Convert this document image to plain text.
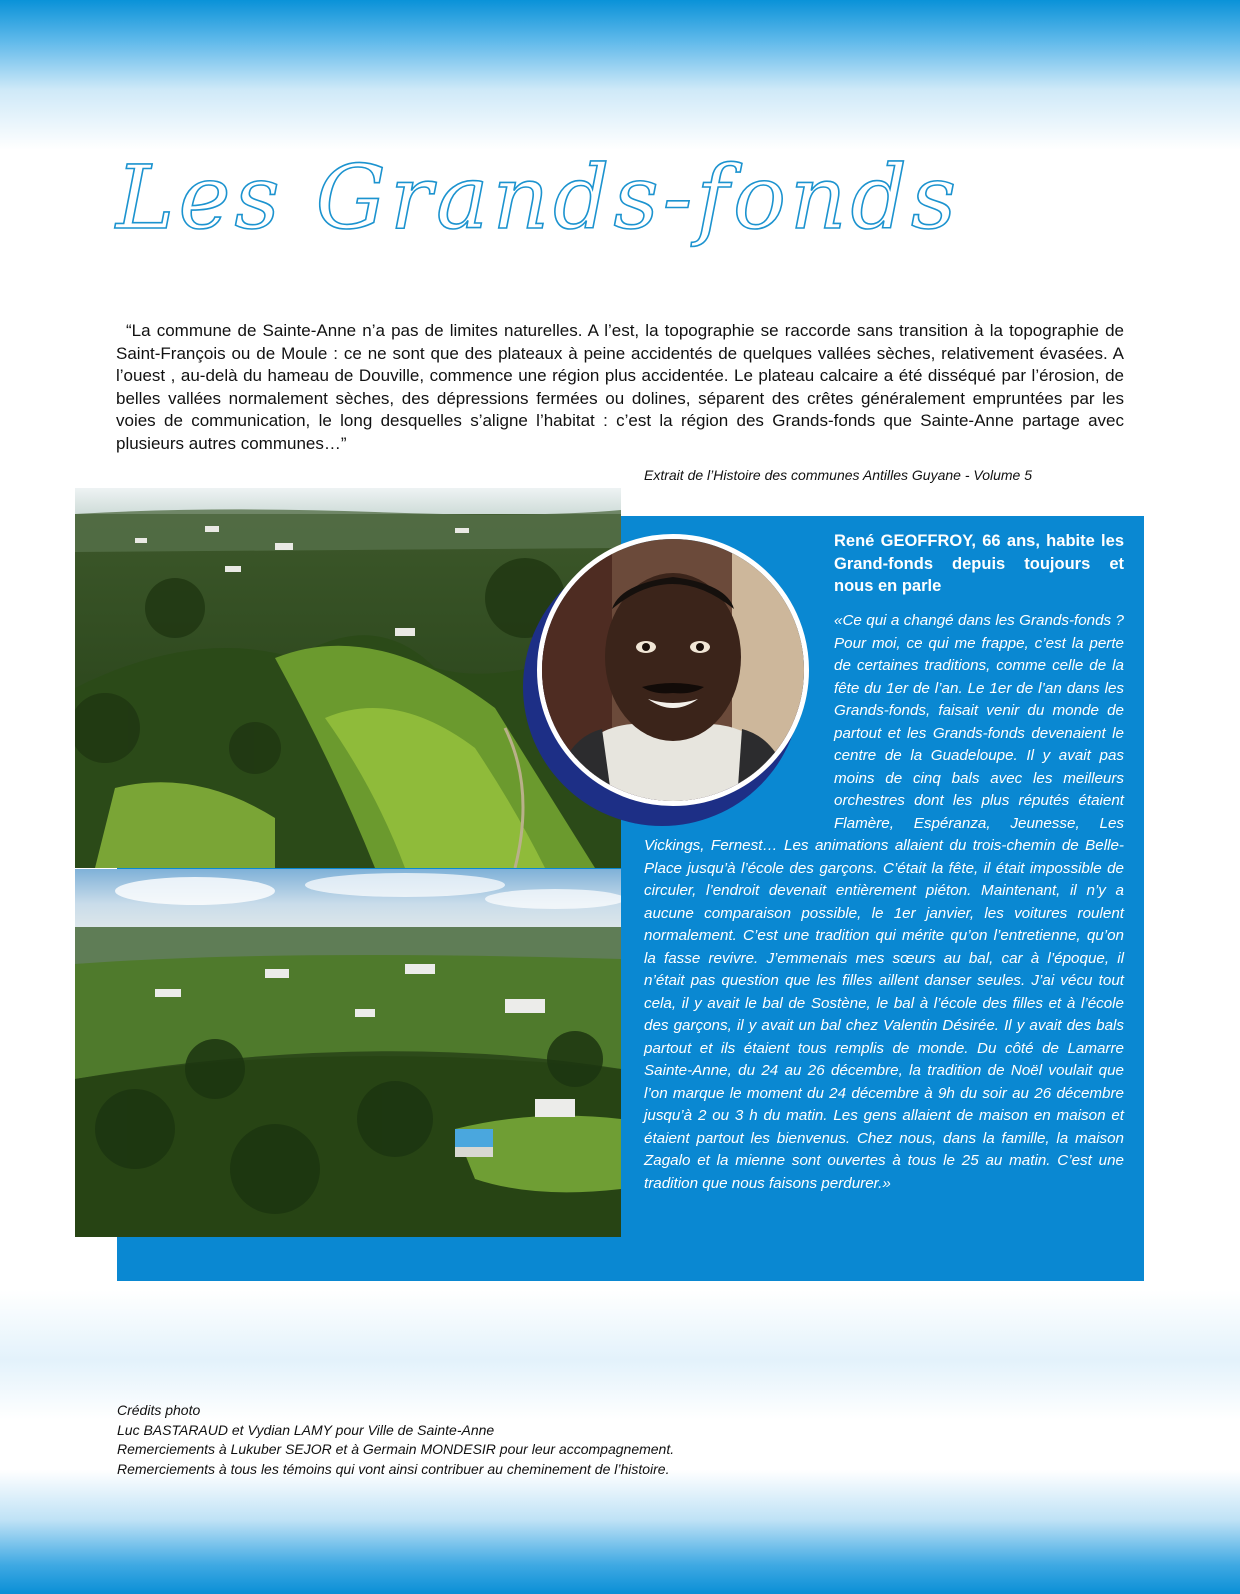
Les Grands-fonds

“La commune de Sainte-Anne n’a pas de limites naturelles. A l’est, la topographie se raccorde sans transition à la topographie de Saint-François ou de Moule : ce ne sont que des plateaux à peine accidentés de quelques vallées sèches, relativement évasées. A l’ouest , au-delà du hameau de Douville, commence une région plus accidentée. Le plateau calcaire a été disséqué par l’érosion, de belles vallées normalement sèches, des dépressions fermées ou dolines, séparent des crêtes généralement empruntées par les voies de communication, le long desquelles s’aligne l’habitat : c’est la région des Grands-fonds que Sainte-Anne partage avec plusieurs autres communes…”

Extrait de l’Histoire des communes Antilles Guyane - Volume 5

René GEOFFROY, 66 ans, habite les Grand-fonds depuis toujours et nous en parle

«Ce qui a changé dans les Grands-fonds ? Pour moi, ce qui me frappe, c’est la perte de certaines traditions, comme celle de la fête du 1er de l’an. Le 1er de l’an dans les Grands-fonds, faisait venir du monde de partout et les Grands-fonds devenaient le centre de la Guadeloupe. Il y avait pas moins de cinq bals avec les meilleurs orchestres dont les plus réputés étaient Flamère, Espéranza, Jeunesse, Les Vickings, Fernest… Les animations allaient du trois-chemin de Belle-Place jusqu’à l’école des garçons. C’était la fête, il était impossible de circuler, l’endroit devenait entièrement piéton. Maintenant, il n’y a aucune comparaison possible, le 1er janvier, les voitures roulent normalement. C’est une tradition qui mérite qu’on l’entretienne, qu’on la fasse revivre. J’emmenais mes sœurs au bal, car à l’époque, il n’était pas question que les filles aillent danser seules. J’ai vécu tout cela, il y avait le bal de Sostène, le bal à l’école des filles et à l’école des garçons, il y avait un bal chez Valentin Désirée. Il y avait des bals partout et ils étaient tous remplis de monde. Du côté de Lamarre Sainte-Anne, du 24 au 26 décembre, la tradition de Noël voulait que l’on marque le moment du 24 décembre à 9h du soir au 26 décembre jusqu’à 2 ou 3 h du matin. Les gens allaient de maison en maison et étaient partout les bienvenus. Chez nous, dans la famille, la maison Zagalo et la mienne sont ouvertes à tous le 25 au matin. C’est une tradition que nous faisons perdurer.»

Crédits photo
Luc BASTARAUD et Vydian LAMY pour Ville de Sainte-Anne
Remerciements à Lukuber SEJOR et à Germain MONDESIR pour leur accompagnement.
Remerciements à tous les témoins qui vont ainsi contribuer au cheminement de l’histoire.
